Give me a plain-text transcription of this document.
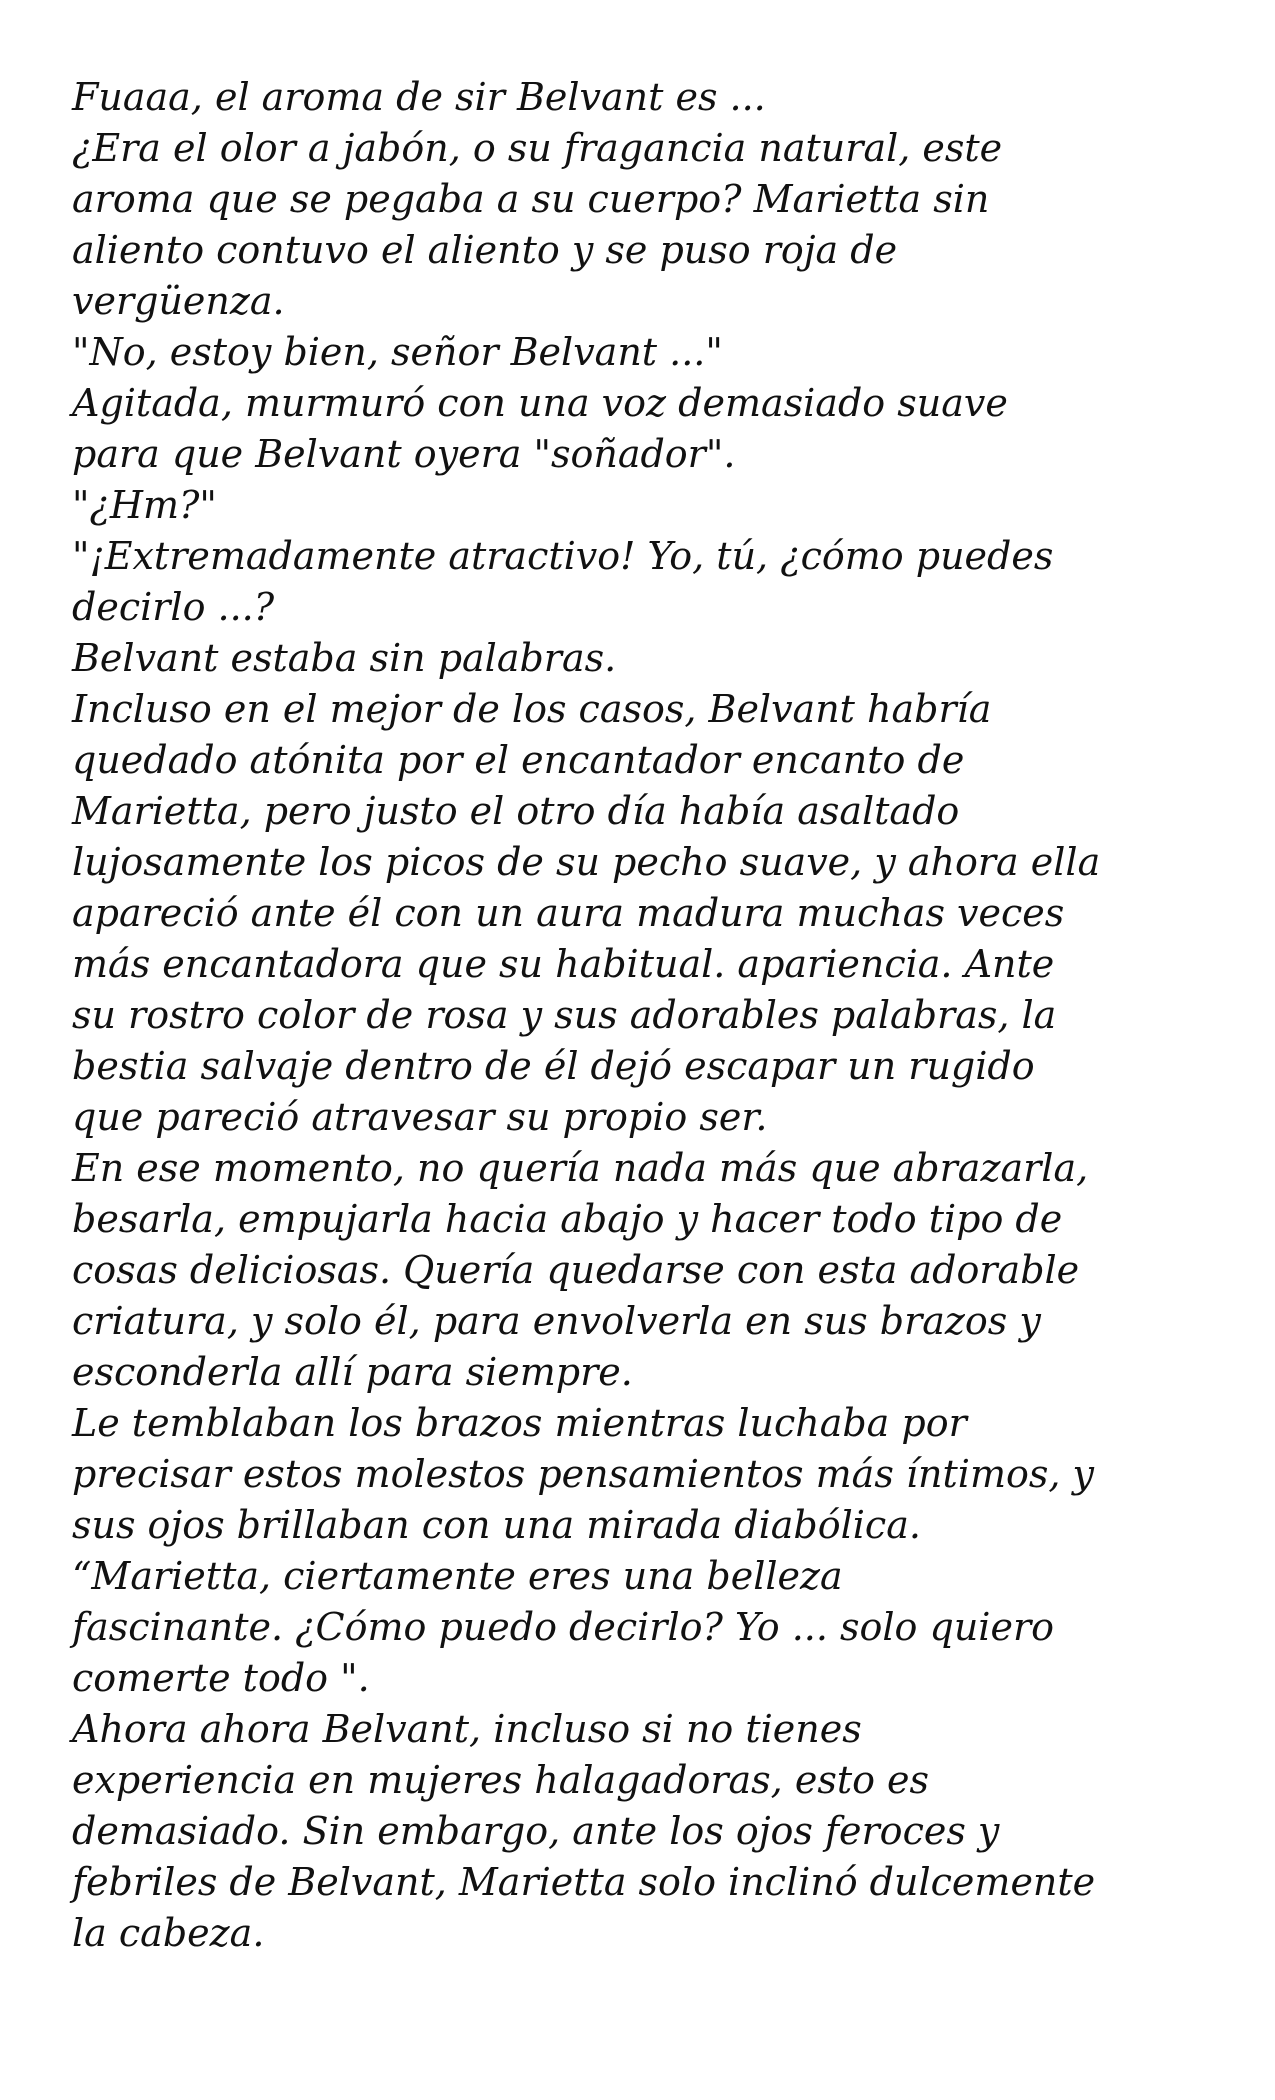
Fuaaa, el aroma de sir Belvant es ...
¿Era el olor a jabón, o su fragancia natural, este
aroma que se pegaba a su cuerpo? Marietta sin
aliento contuvo el aliento y se puso roja de
vergüenza.
"No, estoy bien, señor Belvant ..."
Agitada, murmuró con una voz demasiado suave
para que Belvant oyera "soñador".
"¿Hm?"
"¡Extremadamente atractivo! Yo, tú, ¿cómo puedes
decirlo ...?
Belvant estaba sin palabras.
Incluso en el mejor de los casos, Belvant habría
quedado atónita por el encantador encanto de
Marietta, pero justo el otro día había asaltado
lujosamente los picos de su pecho suave, y ahora ella
apareció ante él con un aura madura muchas veces
más encantadora que su habitual. apariencia. Ante
su rostro color de rosa y sus adorables palabras, la
bestia salvaje dentro de él dejó escapar un rugido
que pareció atravesar su propio ser.
En ese momento, no quería nada más que abrazarla,
besarla, empujarla hacia abajo y hacer todo tipo de
cosas deliciosas. Quería quedarse con esta adorable
criatura, y solo él, para envolverla en sus brazos y
esconderla allí para siempre.
Le temblaban los brazos mientras luchaba por
precisar estos molestos pensamientos más íntimos, y
sus ojos brillaban con una mirada diabólica.
“Marietta, ciertamente eres una belleza
fascinante. ¿Cómo puedo decirlo? Yo ... solo quiero
comerte todo ".
Ahora ahora Belvant, incluso si no tienes
experiencia en mujeres halagadoras, esto es
demasiado. Sin embargo, ante los ojos feroces y
febriles de Belvant, Marietta solo inclinó dulcemente
la cabeza.
